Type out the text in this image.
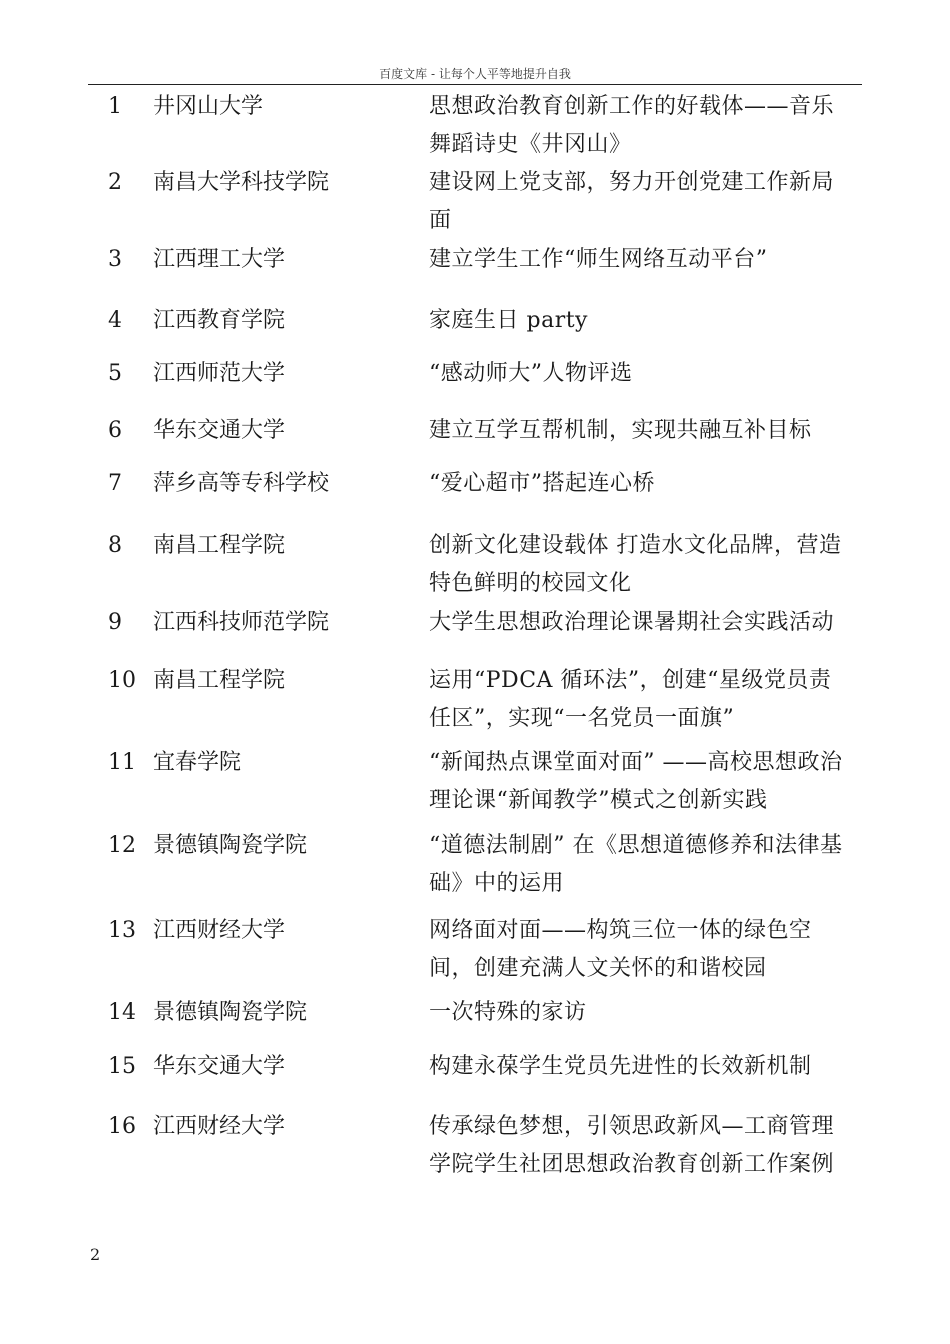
百度文库 - 让每个人平等地提升自我
1 井冈山大学	思想政治教育创新工作的好载体——音乐舞蹈诗史《井冈山》
2 南昌大学科技学院	建设网上党支部，努力开创党建工作新局面
3 江西理工大学	建立学生工作“师生网络互动平台”
4 江西教育学院	家庭生日 party
5 江西师范大学	“感动师大”人物评选
6 华东交通大学	建立互学互帮机制，实现共融互补目标
7 萍乡高等专科学校	“爱心超市”搭起连心桥
8 南昌工程学院	创新文化建设载体 打造水文化品牌，营造特色鲜明的校园文化
9 江西科技师范学院	大学生思想政治理论课暑期社会实践活动
10 南昌工程学院	运用“PDCA 循环法”，创建“星级党员责任区”，实现“一名党员一面旗”
11 宜春学院	“新闻热点课堂面对面” ——高校思想政治理论课“新闻教学”模式之创新实践
12 景德镇陶瓷学院	“道德法制剧” 在《思想道德修养和法律基础》中的运用
13 江西财经大学	网络面对面——构筑三位一体的绿色空间，创建充满人文关怀的和谐校园
14 景德镇陶瓷学院	一次特殊的家访
15 华东交通大学	构建永葆学生党员先进性的长效新机制
16 江西财经大学	传承绿色梦想，引领思政新风—工商管理学院学生社团思想政治教育创新工作案例
2
